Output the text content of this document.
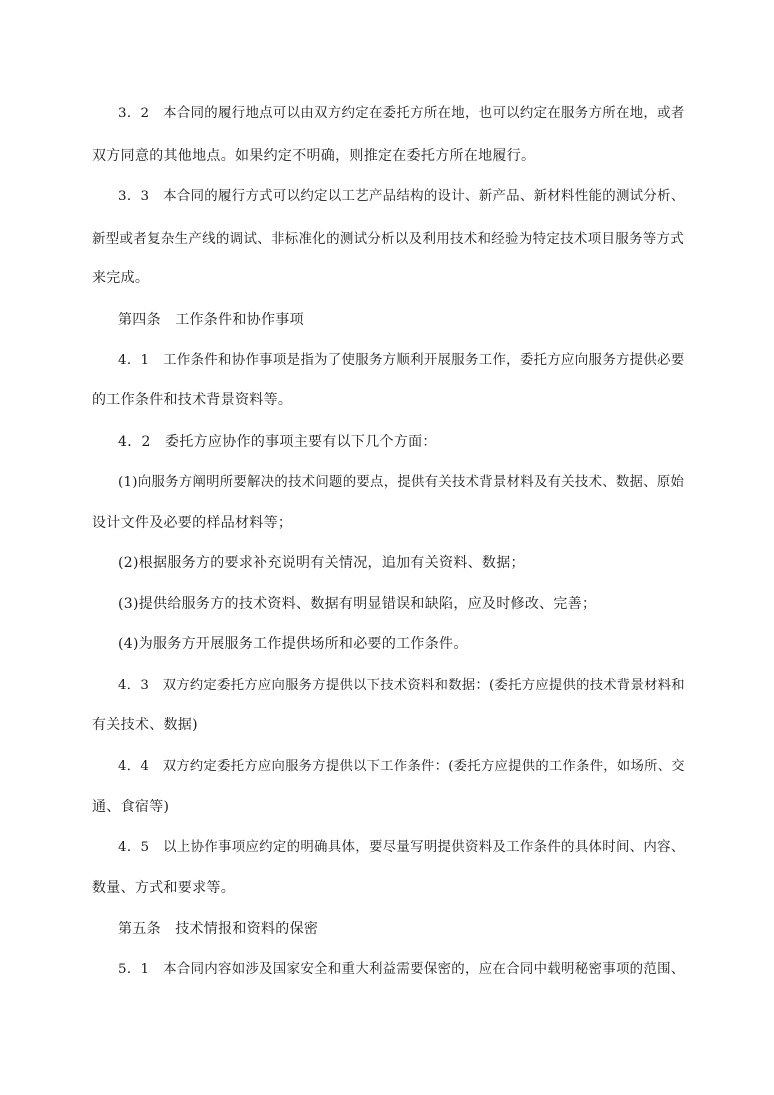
3．2　本合同的履行地点可以由双方约定在委托方所在地，也可以约定在服务方所在地，或者
双方同意的其他地点。如果约定不明确，则推定在委托方所在地履行。
3．3　本合同的履行方式可以约定以工艺产品结构的设计、新产品、新材料性能的测试分析、
新型或者复杂生产线的调试、非标准化的测试分析以及利用技术和经验为特定技术项目服务等方式
来完成。
第四条　工作条件和协作事项
4．1　工作条件和协作事项是指为了使服务方顺利开展服务工作，委托方应向服务方提供必要
的工作条件和技术背景资料等。
4．2　委托方应协作的事项主要有以下几个方面：
(1)向服务方阐明所要解决的技术问题的要点，提供有关技术背景材料及有关技术、数据、原始
设计文件及必要的样品材料等；
(2)根据服务方的要求补充说明有关情况，追加有关资料、数据；
(3)提供给服务方的技术资料、数据有明显错误和缺陷，应及时修改、完善；
(4)为服务方开展服务工作提供场所和必要的工作条件。
4．3　双方约定委托方应向服务方提供以下技术资料和数据：(委托方应提供的技术背景材料和
有关技术、数据)
4．4　双方约定委托方应向服务方提供以下工作条件：(委托方应提供的工作条件，如场所、交
通、食宿等)
4．5　以上协作事项应约定的明确具体，要尽量写明提供资料及工作条件的具体时间、内容、
数量、方式和要求等。
第五条　技术情报和资料的保密
5．1　本合同内容如涉及国家安全和重大利益需要保密的，应在合同中载明秘密事项的范围、
